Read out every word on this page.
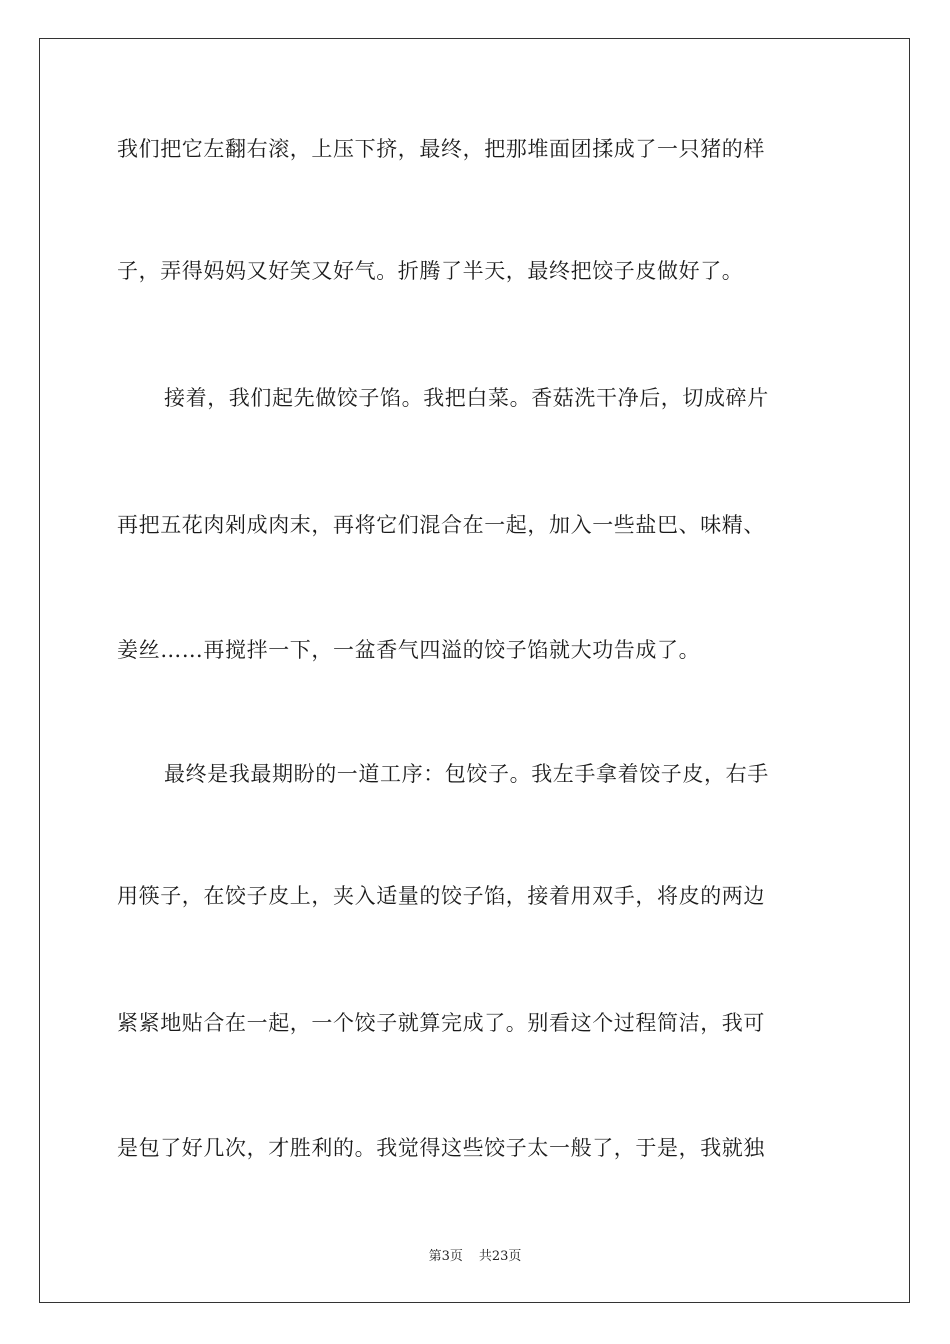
我们把它左翻右滚，上压下挤，最终，把那堆面团揉成了一只猪的样
子，弄得妈妈又好笑又好气。折腾了半天，最终把饺子皮做好了。
接着，我们起先做饺子馅。我把白菜。香菇洗干净后，切成碎片
再把五花肉剁成肉末，再将它们混合在一起，加入一些盐巴、味精、
姜丝……再搅拌一下，一盆香气四溢的饺子馅就大功告成了。
最终是我最期盼的一道工序：包饺子。我左手拿着饺子皮，右手
用筷子，在饺子皮上，夹入适量的饺子馅，接着用双手，将皮的两边
紧紧地贴合在一起，一个饺子就算完成了。别看这个过程简洁，我可
是包了好几次，才胜利的。我觉得这些饺子太一般了，于是，我就独
第3页 共23页
